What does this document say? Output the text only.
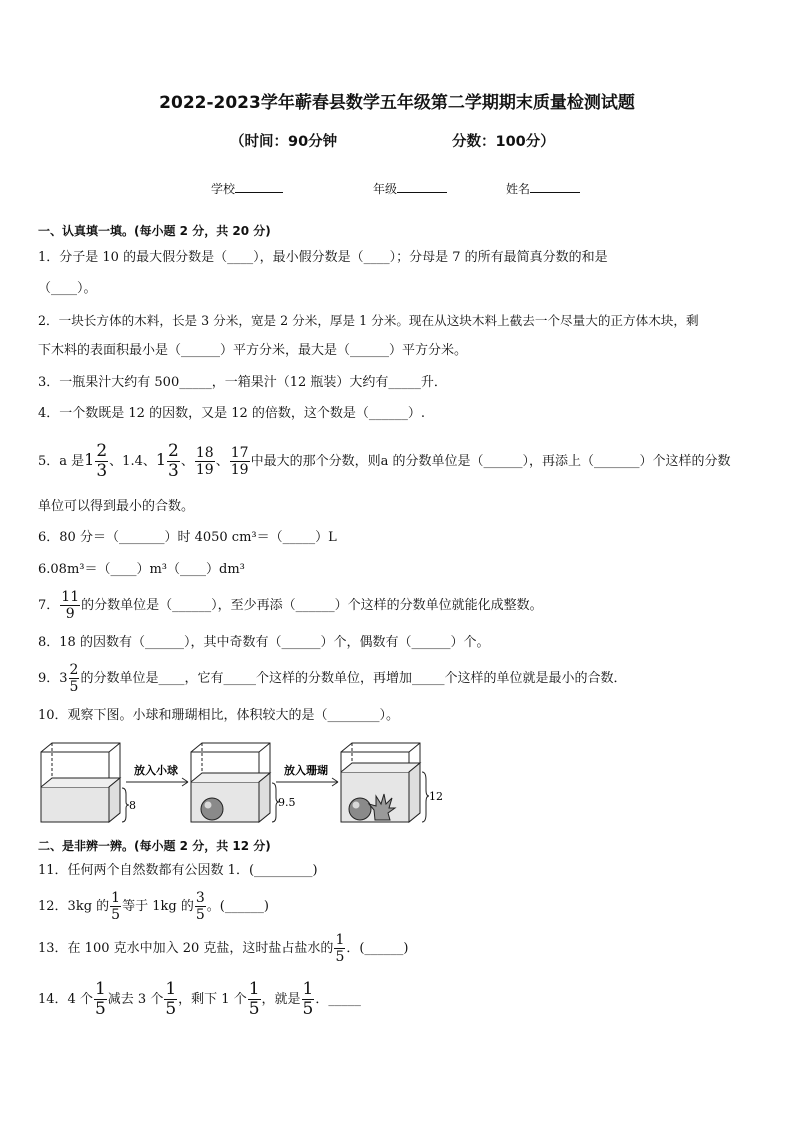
2022-2023学年蕲春县数学五年级第二学期期末质量检测试题
（时间：90分钟	分数：100分）
学校	年级	姓名
一、认真填一填。(每小题 2 分，共 20 分)
1．分子是 10 的最大假分数是（____），最小假分数是（____）；分母是 7 的所有最简真分数的和是
（____）。
2．一块长方体的木料，长是 3 分米，宽是 2 分米，厚是 1 分米。现在从这块木料上截去一个尽量大的正方体木块，剩
下木料的表面积最小是（______）平方分米，最大是（______）平方分米。
3．一瓶果汁大约有 500_____，一箱果汁（12 瓶装）大约有_____升．
4．一个数既是 12 的因数，又是 12 的倍数，这个数是（______）.
5．a 是$1 \frac{2}{3}$ 、1.4、$1 \frac{2}{3}$ 、 $\frac{18}{19}$ 、 $\frac{17}{19}$ 中最大的那个分数，则a 的分数单位是（______），再添上（_______）个这样的分数
单位可以得到最小的合数。
6．80 分＝（_______）时 4050 cm³＝（_____）L
6.08m³＝（____）m³（____）dm³
7． $\frac{11}{9}$ 的分数单位是（______），至少再添（______）个这样的分数单位就能化成整数。
8．18 的因数有（______），其中奇数有（______）个，偶数有（______）个。
9．$3 \frac{2}{5}$ 的分数单位是____，它有_____个这样的分数单位，再增加_____个这样的单位就是最小的合数．
10．观察下图。小球和珊瑚相比，体积较大的是（________）。
放入小球	放入珊瑚
8	9.5	12
二、是非辨一辨。(每小题 2 分，共 12 分)
11．任何两个自然数都有公因数 1．(_________)
12．3kg 的 $\frac{1}{5}$ 等于 1kg 的 $\frac{3}{5}$ 。(______)
13．在 100 克水中加入 20 克盐，这时盐占盐水的 $\frac{1}{5}$ ．(______)
14．4 个 $\frac{1}{5}$ 减去 3 个 $\frac{1}{5}$ ，剩下 1 个 $\frac{1}{5}$ ，就是 $\frac{1}{5}$ ．_____
